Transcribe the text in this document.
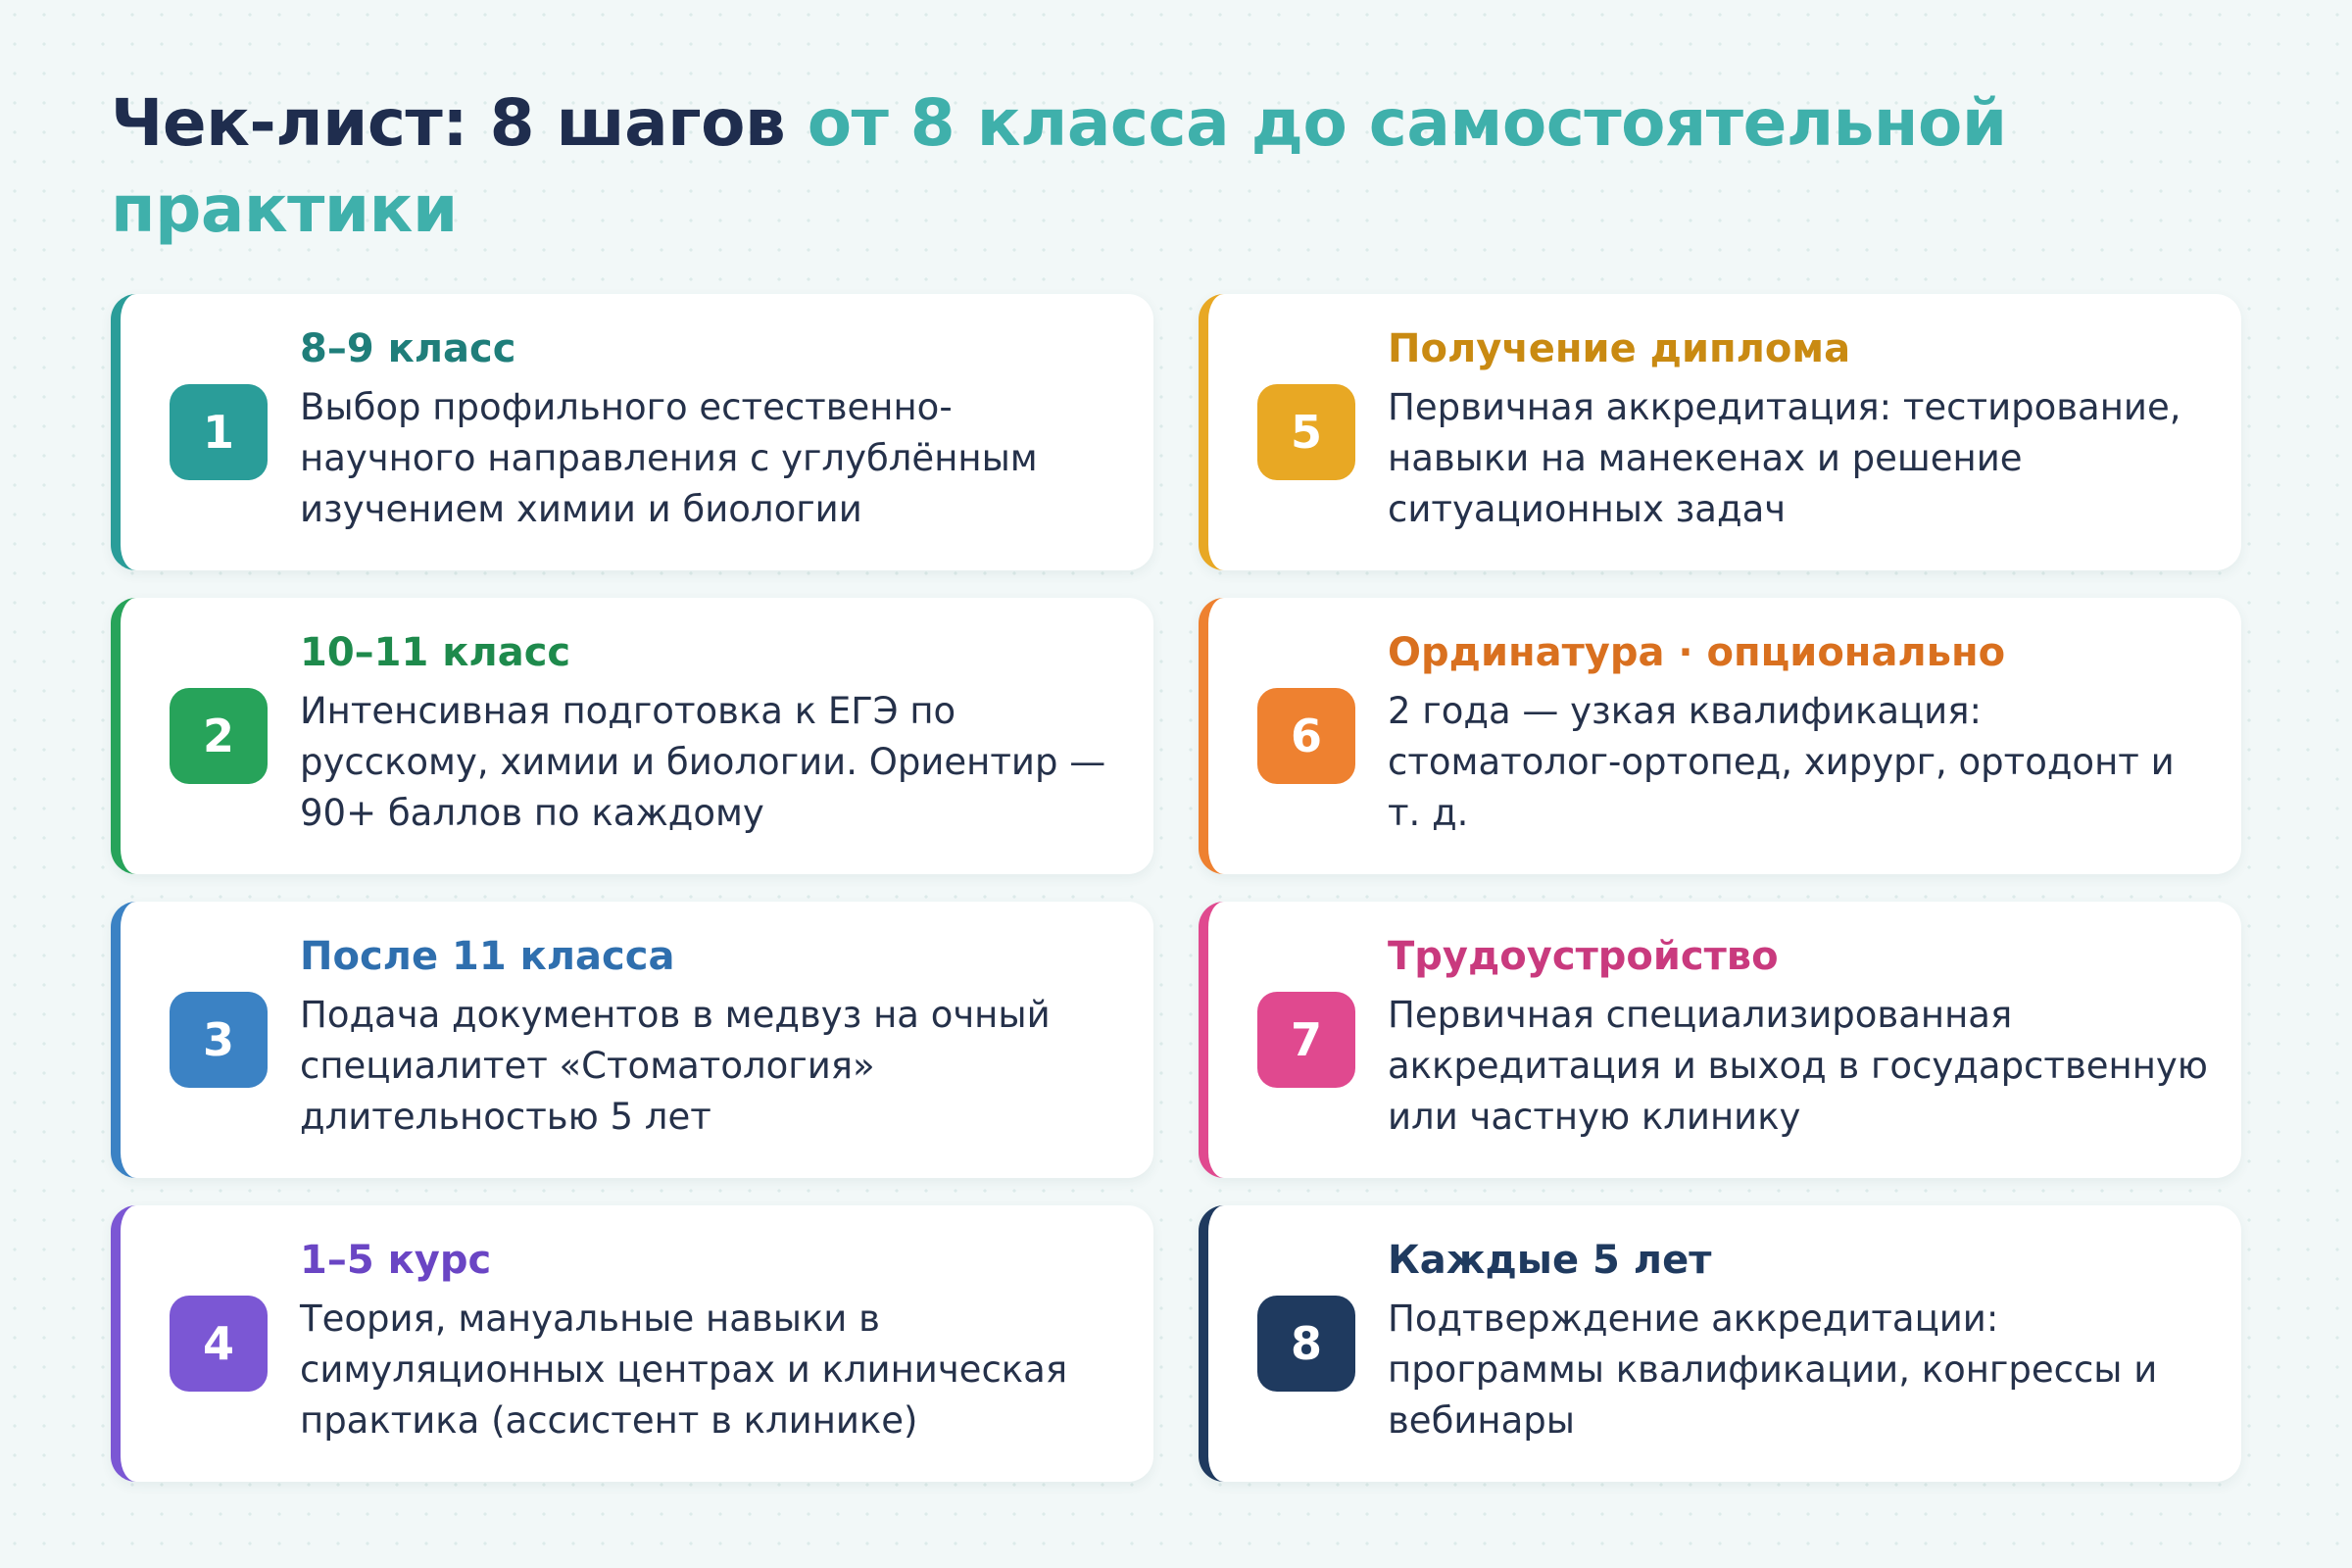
Чек-лист: 8 шагов от 8 класса до самостоятельной практики
1
8–9 класс
Выбор профильного естественно-научного направления с углублённым изучением химии и биологии
2
10–11 класс
Интенсивная подготовка к ЕГЭ по русскому, химии и биологии. Ориентир — 90+ баллов по каждому
3
После 11 класса
Подача документов в медвуз на очный специалитет «Стоматология» длительностью 5 лет
4
1–5 курс
Теория, мануальные навыки в симуляционных центрах и клиническая практика (ассистент в клинике)
5
Получение диплома
Первичная аккредитация: тестирование, навыки на манекенах и решение ситуационных задач
6
Ординатура · опционально
2 года — узкая квалификация: стоматолог-ортопед, хирург, ортодонт и т. д.
7
Трудоустройство
Первичная специализированная аккредитация и выход в государственную или частную клинику
8
Каждые 5 лет
Подтверждение аккредитации: программы квалификации, конгрессы и вебинары
